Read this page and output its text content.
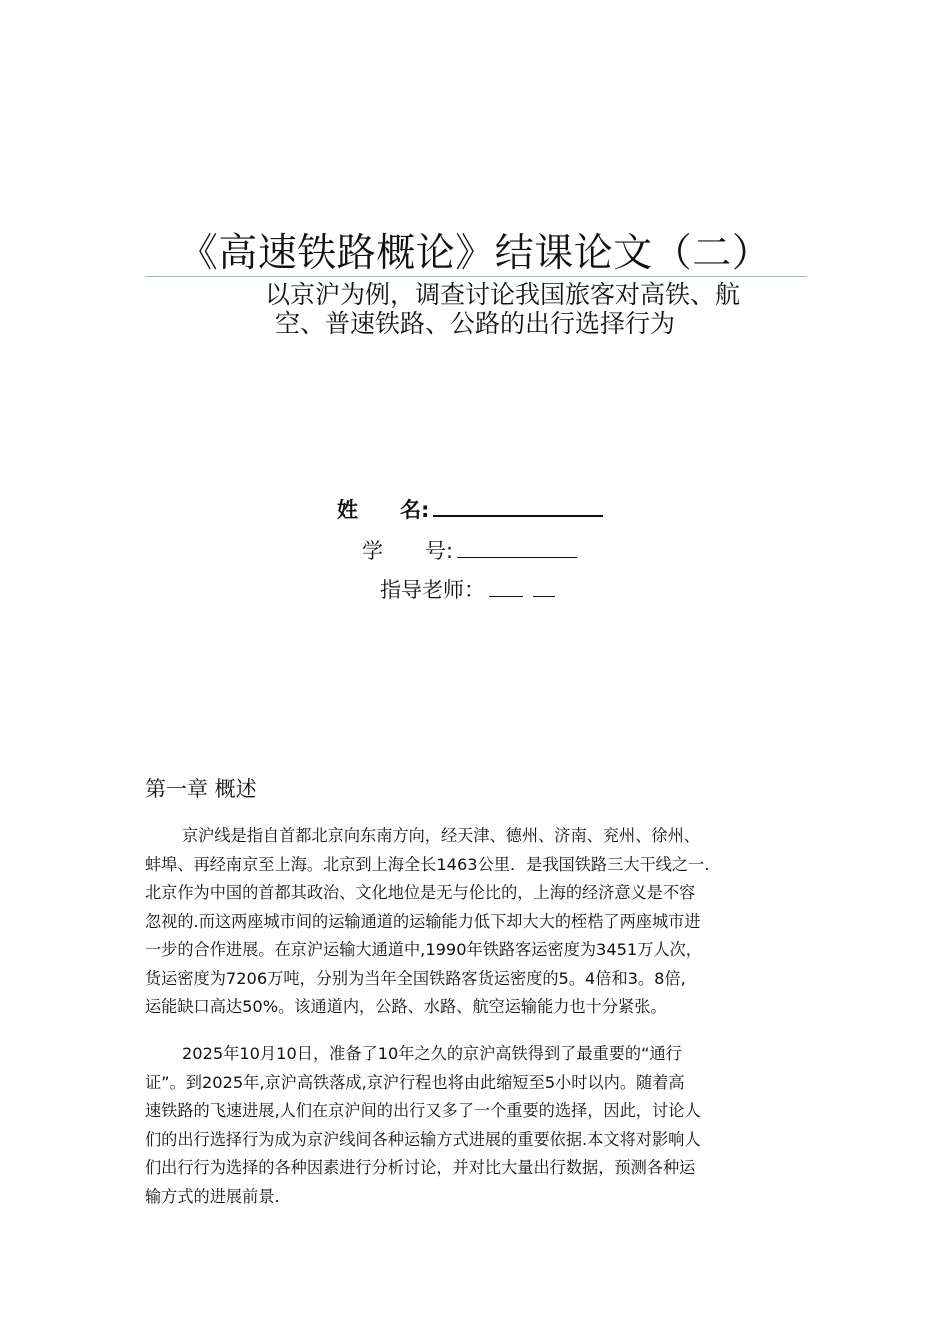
《高速铁路概论》结课论文（二）
以京沪为例，调查讨论我国旅客对高铁、航
空、普速铁路、公路的出行选择行为
姓　　名:
学　　号:
指导老师：
第一章 概述
京沪线是指自首都北京向东南方向，经天津、德州、济南、兖州、徐州、
蚌埠、再经南京至上海。北京到上海全长1463公里．是我国铁路三大干线之一.
北京作为中国的首都其政治、文化地位是无与伦比的，上海的经济意义是不容
忽视的.而这两座城市间的运输通道的运输能力低下却大大的桎梏了两座城市进
一步的合作进展。在京沪运输大通道中,1990年铁路客运密度为3451万人次，
货运密度为7206万吨，分别为当年全国铁路客货运密度的5。4倍和3。8倍,
运能缺口高达50%。该通道内，公路、水路、航空运输能力也十分紧张。
2025年10月10日，准备了10年之久的京沪高铁得到了最重要的“通行
证”。到2025年,京沪高铁落成,京沪行程也将由此缩短至5小时以内。随着高
速铁路的飞速进展,人们在京沪间的出行又多了一个重要的选择，因此，讨论人
们的出行选择行为成为京沪线间各种运输方式进展的重要依据.本文将对影响人
们出行行为选择的各种因素进行分析讨论，并对比大量出行数据，预测各种运
输方式的进展前景.
